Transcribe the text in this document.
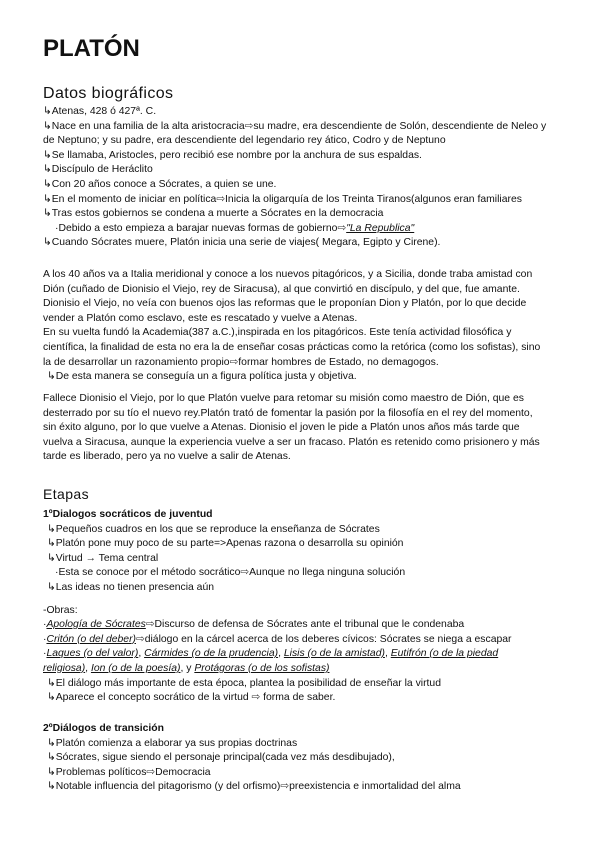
PLATÓN
Datos biográficos
↳Atenas, 428 ó 427ª. C.
↳Nace en una familia de la alta aristocracia⇨su madre, era descendiente de Solón, descendiente de Neleo y
de Neptuno; y su padre, era descendiente del legendario rey ático, Codro y de Neptuno
↳Se llamaba, Aristocles, pero recibió ese nombre por la anchura de sus espaldas.
↳Discípulo de Heráclito
↳Con 20 años conoce a Sócrates, a quien se une.
↳En el momento de iniciar en política⇨Inicia la oligarquía de los Treinta Tiranos(algunos eran familiares
↳Tras estos gobiernos se condena a muerte a Sócrates en la democracia
·Debido a esto empieza a barajar nuevas formas de gobierno⇨"La Republica"
↳Cuando Sócrates muere, Platón inicia una serie de viajes( Megara, Egipto y Cirene).
A los 40 años va a Italia meridional y conoce a los nuevos pitagóricos, y a Sicilia, donde traba amistad con
Dión (cuñado de Dionisio el Viejo, rey de Siracusa), al que convirtió en discípulo, y del que, fue amante.
Dionisio el Viejo, no veía con buenos ojos las reformas que le proponían Dion y Platón, por lo que decide
vender a Platón como esclavo, este es rescatado y vuelve a Atenas.
En su vuelta fundó la Academia(387 a.C.),inspirada en los pitagóricos. Este tenía actividad filosófica y
científica, la finalidad de esta no era la de enseñar cosas prácticas como la retórica (como los sofistas), sino
la de desarrollar un razonamiento propio⇨formar hombres de Estado, no demagogos.
↳De esta manera se conseguía un a figura política justa y objetiva.
Fallece Dionisio el Viejo, por lo que Platón vuelve para retomar su misión como maestro de Dión, que es
desterrado por su tío el nuevo rey.Platón trató de fomentar la pasión por la filosofía en el rey del momento,
sin éxito alguno, por lo que vuelve a Atenas. Dionisio el joven le pide a Platón unos años más tarde que
vuelva a Siracusa, aunque la experiencia vuelve a ser un fracaso. Platón es retenido como prisionero y más
tarde es liberado, pero ya no vuelve a salir de Atenas.
Etapas
1ºDialogos socráticos de juventud
↳Pequeños cuadros en los que se reproduce la enseñanza de Sócrates
↳Platón pone muy poco de su parte=>Apenas razona o desarrolla su opinión
↳Virtud → Tema central
·Esta se conoce por el método socrático⇨Aunque no llega ninguna solución
↳Las ideas no tienen presencia aún
-Obras:
·Apología de Sócrates⇨Discurso de defensa de Sócrates ante el tribunal que le condenaba
·Critón (o del deber)⇨diálogo en la cárcel acerca de los deberes cívicos: Sócrates se niega a escapar
·Laques (o del valor), Cármides (o de la prudencia), Lisis (o de la amistad), Eutifrón (o de la piedad
religiosa), Ion (o de la poesía), y Protágoras (o de los sofistas)
↳El diálogo más importante de esta época, plantea la posibilidad de enseñar la virtud
↳Aparece el concepto socrático de la virtud ⇨ forma de saber.
2ºDiálogos de transición
↳Platón comienza a elaborar ya sus propias doctrinas
↳Sócrates, sigue siendo el personaje principal(cada vez más desdibujado),
↳Problemas políticos⇨Democracia
↳Notable influencia del pitagorismo (y del orfismo)⇨preexistencia e inmortalidad del alma
